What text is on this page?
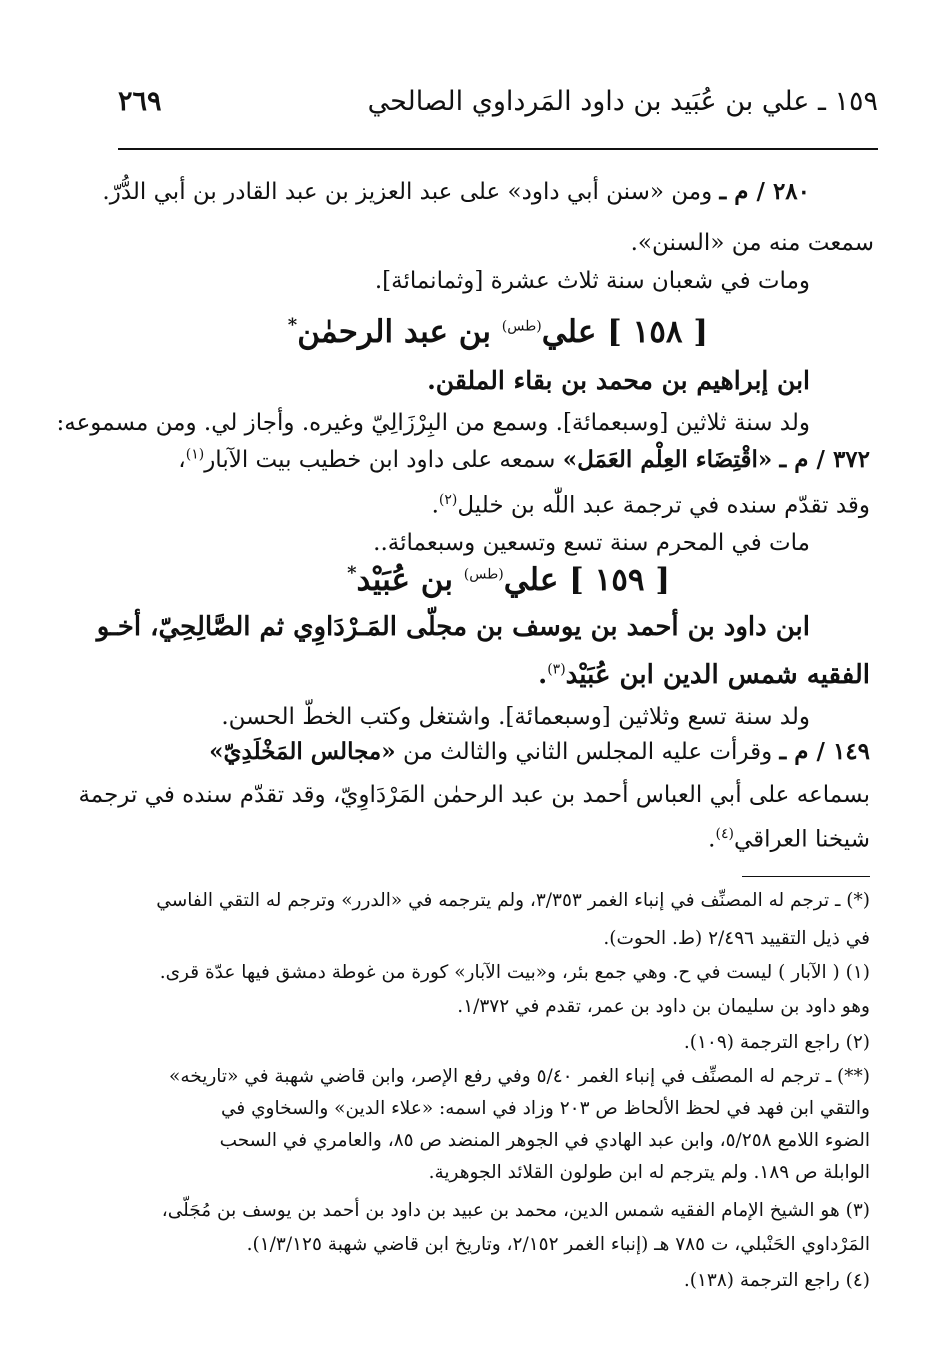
٢٦٩	١٥٩ ـ علي بن عُبَيد بن داود المَرداوي الصالحي
٢٨٠ / م ـ ومن «سنن أبي داود» على عبد العزيز بن عبد القادر بن أبي الدُّرّ.
سمعت منه من «السنن».
ومات في شعبان سنة ثلاث عشرة [وثمانمائة].
[ ١٥٨ ] علي$^{(طس)}$ بن عبد الرحمٰن*
ابن إبراهيم بن محمد بن بقاء الملقن.
ولد سنة ثلاثين [وسبعمائة]. وسمع من البِرْزَالِيّ وغيره. وأجاز لي. ومن مسموعه:
٣٧٢ / م ـ «اقْتِضَاء العِلْم العَمَل» سمعه على داود ابن خطيب بيت الآبار$^{(١)}$،
وقد تقدّم سنده في ترجمة عبد اللّٰه بن خليل$^{(٢)}$.
مات في المحرم سنة تسع وتسعين وسبعمائة..
[ ١٥٩ ] علي$^{(طس)}$ بن عُبَيْد*
ابن داود بن أحمد بن يوسف بن مجلّى المَـرْدَاوِي ثم الصَّالِحِيّ، أخـو
الفقيه شمس الدين ابن عُبَيْد$^{(٣)}$.
ولد سنة تسع وثلاثين [وسبعمائة]. واشتغل وكتب الخطّ الحسن.
١٤٩ / م ـ وقرأت عليه المجلس الثاني والثالث من «مجالس المَخْلَدِيّ»
بسماعه على أبي العباس أحمد بن عبد الرحمٰن المَرْدَاوِيّ، وقد تقدّم سنده في ترجمة
شيخنا العراقي$^{(٤)}$.
(*) ـ ترجم له المصنِّف في إنباء الغمر ٣/٣٥٣، ولم يترجمه في «الدرر» وترجم له التقي الفاسي
في ذيل التقييد ٢/٤٩٦ (ط. الحوت).
(١) ( الآبار ) ليست في ح. وهي جمع بئر، و«بيت الآبار» كورة من غوطة دمشق فيها عدّة قرى.
وهو داود بن سليمان بن داود بن عمر، تقدم في ١/٣٧٢.
(٢) راجع الترجمة (١٠٩).
(**) ـ ترجم له المصنِّف في إنباء الغمر ٥/٤٠ وفي رفع الإصر، وابن قاضي شهبة في «تاريخه»
والتقي ابن فهد في لحظ الألحاظ ص ٢٠٣ وزاد في اسمه: «علاء الدين» والسخاوي في
الضوء اللامع ٥/٢٥٨، وابن عبد الهادي في الجوهر المنضد ص ٨٥، والعامري في السحب
الوابلة ص ١٨٩. ولم يترجم له ابن طولون القلائد الجوهرية.
(٣) هو الشيخ الإمام الفقيه شمس الدين، محمد بن عبيد بن داود بن أحمد بن يوسف بن مُجَلّى،
المَرْداوي الحَنْبلي، ت ٧٨٥ هـ (إنباء الغمر ٢/١٥٢، وتاريخ ابن قاضي شهبة ١/٣/١٢٥).
(٤) راجع الترجمة (١٣٨).
